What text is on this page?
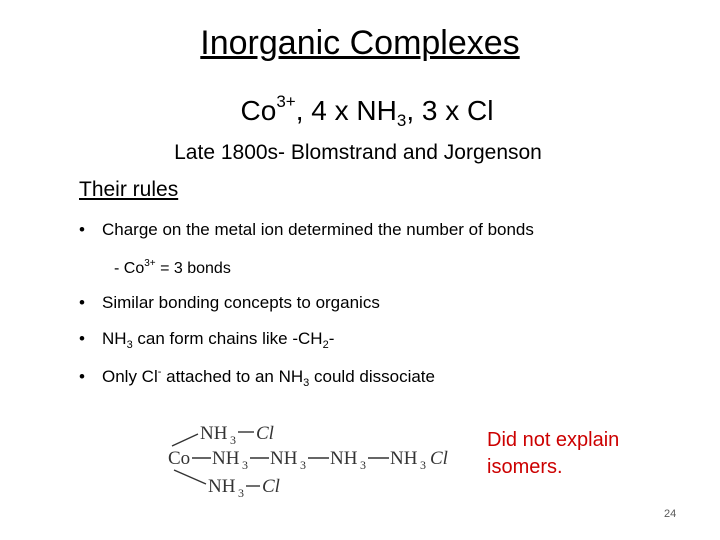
Inorganic Complexes
$Co^{3+}$, 4 x $NH_3$, 3 x Cl
Late 1800s- Blomstrand and Jorgenson
Their rules
• Charge on the metal ion determined the number of bonds
- $Co^{3+} = 3$ bonds
• Similar bonding concepts to organics
• $NH_3$ can form chains like $-CH_2-$
• Only Cl- attached to an $NH_3$ could dissociate
NH 3 Cl
Co NH 3 NH 3 NH 3 NH 3 Cl
NH 3 Cl
Did not explain isomers.
24
